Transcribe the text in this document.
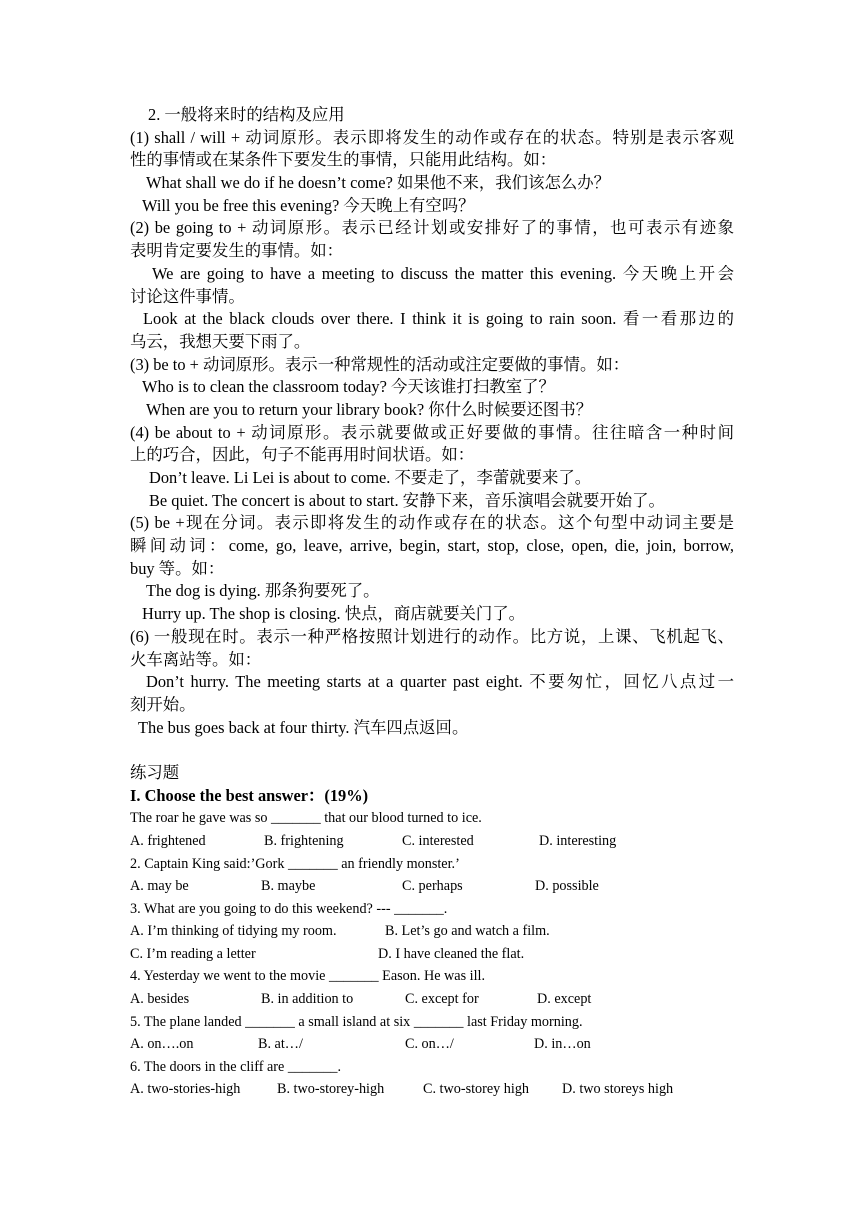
2. 一般将来时的结构及应用
(1) shall / will + 动词原形。表示即将发生的动作或存在的状态。特别是表示客观
性的事情或在某条件下要发生的事情，只能用此结构。如：
What shall we do if he doesn’t come? 如果他不来，我们该怎么办？
Will you be free this evening? 今天晚上有空吗？
(2) be going to + 动词原形。表示已经计划或安排好了的事情，也可表示有迹象
表明肯定要发生的事情。如：
We are going to have a meeting to discuss the matter this evening. 今天晚上开会
讨论这件事情。
Look at the black clouds over there. I think it is going to rain soon. 看一看那边的
乌云，我想天要下雨了。
(3) be to + 动词原形。表示一种常规性的活动或注定要做的事情。如：
Who is to clean the classroom today? 今天该谁打扫教室了？
When are you to return your library book? 你什么时候要还图书？
(4) be about to + 动词原形。表示就要做或正好要做的事情。往往暗含一种时间
上的巧合，因此，句子不能再用时间状语。如：
Don’t leave. Li Lei is about to come. 不要走了，李蕾就要来了。
Be quiet. The concert is about to start. 安静下来，音乐演唱会就要开始了。
(5) be +现在分词。表示即将发生的动作或存在的状态。这个句型中动词主要是
瞬间动词：come, go, leave, arrive, begin, start, stop, close, open, die, join, borrow,
buy 等。如：
The dog is dying. 那条狗要死了。
Hurry up. The shop is closing. 快点，商店就要关门了。
(6) 一般现在时。表示一种严格按照计划进行的动作。比方说，上课、飞机起飞、
火车离站等。如：
Don’t hurry. The meeting starts at a quarter past eight. 不要匆忙，回忆八点过一
刻开始。
The bus goes back at four thirty. 汽车四点返回。
练习题
I. Choose the best answer：(19%)
The roar he gave was so _______ that our blood turned to ice.
A. frightened	B. frightening	C. interested	D. interesting
2. Captain King said:’Gork _______ an friendly monster.’
A. may be	B. maybe	C. perhaps	D. possible
3. What are you going to do this weekend? --- _______.
A. I’m thinking of tidying my room.	B. Let’s go and watch a film.
C. I’m reading a letter	D. I have cleaned the flat.
4. Yesterday we went to the movie _______ Eason. He was ill.
A. besides	B. in addition to	C. except for	D. except
5. The plane landed _______ a small island at six _______ last Friday morning.
A. on….on	B. at…/	C. on…/	D. in…on
6. The doors in the cliff are _______.
A. two-stories-high	B. two-storey-high	C. two-storey high	D. two storeys high
